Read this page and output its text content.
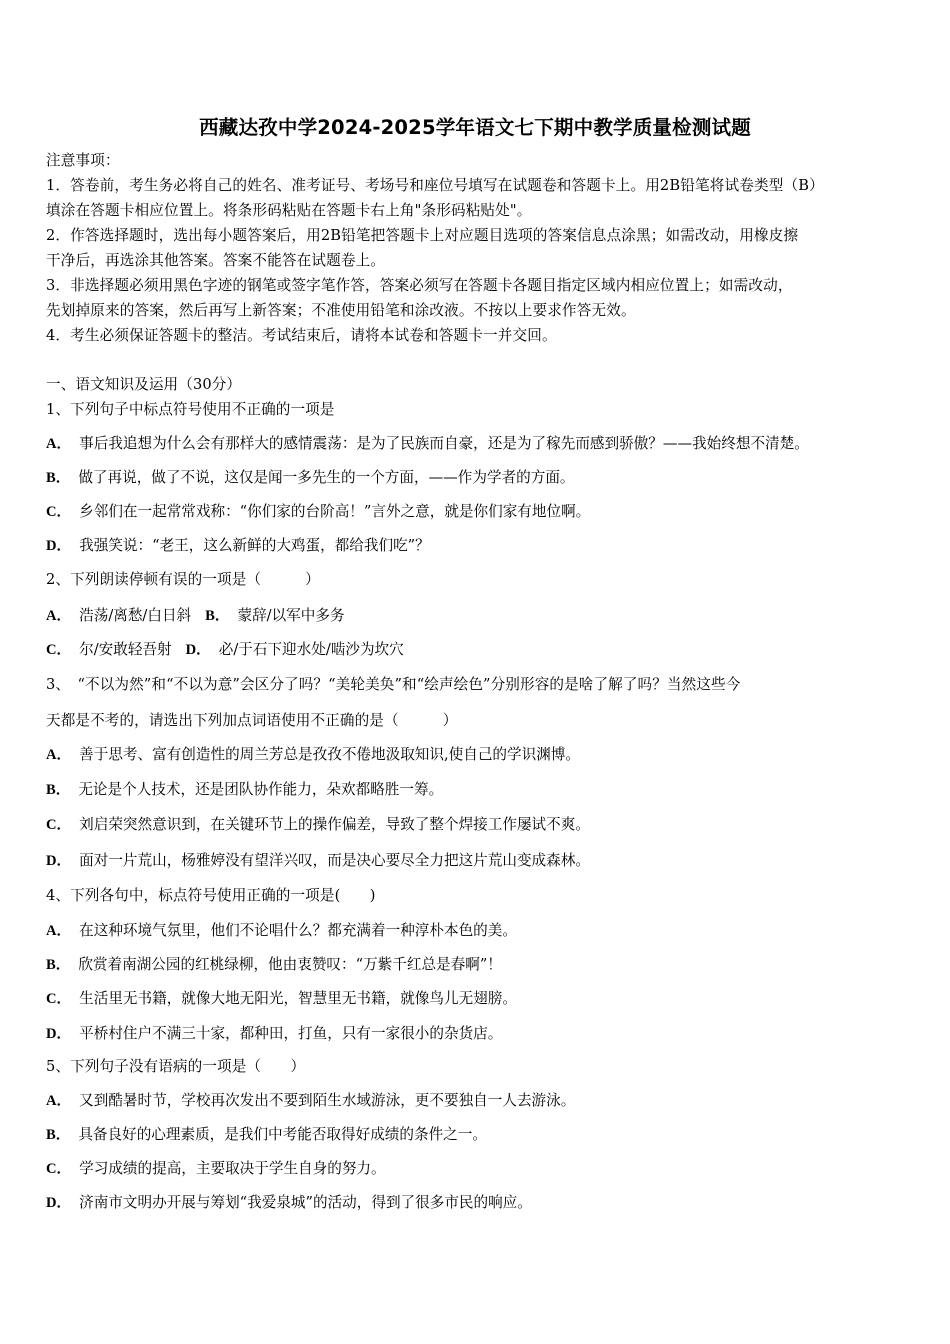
西藏达孜中学2024-2025学年语文七下期中教学质量检测试题
注意事项：
1．答卷前，考生务必将自己的姓名、准考证号、考场号和座位号填写在试题卷和答题卡上。用2B铅笔将试卷类型（B）
填涂在答题卡相应位置上。将条形码粘贴在答题卡右上角"条形码粘贴处"。
2．作答选择题时，选出每小题答案后，用2B铅笔把答题卡上对应题目选项的答案信息点涂黑；如需改动，用橡皮擦
干净后，再选涂其他答案。答案不能答在试题卷上。
3．非选择题必须用黑色字迹的钢笔或签字笔作答，答案必须写在答题卡各题目指定区域内相应位置上；如需改动，
先划掉原来的答案，然后再写上新答案；不准使用铅笔和涂改液。不按以上要求作答无效。
4．考生必须保证答题卡的整洁。考试结束后，请将本试卷和答题卡一并交回。
一、语文知识及运用（30分）
1、下列句子中标点符号使用不正确的一项是
A． 事后我追想为什么会有那样大的感情震荡：是为了民族而自豪，还是为了稼先而感到骄傲？——我始终想不清楚。
B． 做了再说，做了不说，这仅是闻一多先生的一个方面，——作为学者的方面。
C． 乡邻们在一起常常戏称：“你们家的台阶高！”言外之意，就是你们家有地位啊。
D． 我强笑说：“老王，这么新鲜的大鸡蛋，都给我们吃”？
2、下列朗读停顿有误的一项是（　　　）
A． 浩荡/离愁/白日斜 B． 蒙辞/以军中多务
C． 尔/安敢轻吾射 D． 必/于石下迎水处/啮沙为坎穴
3、　“不以为然”和“不以为意”会区分了吗？“美轮美奂”和“绘声绘色”分别形容的是啥了解了吗？当然这些今
天都是不考的，请选出下列加点词语使用不正确的是（　　　）
A． 善于思考、富有创造性的周兰芳总是孜孜不倦地汲取知识,使自己的学识渊博。
B． 无论是个人技术，还是团队协作能力，朵欢都略胜一筹。
C． 刘启荣突然意识到，在关键环节上的操作偏差，导致了整个焊接工作屡试不爽。
D． 面对一片荒山，杨雅婷没有望洋兴叹，而是决心要尽全力把这片荒山变成森林。
4、下列各句中，标点符号使用正确的一项是(　　)
A． 在这种环境气氛里，他们不论唱什么？都充满着一种淳朴本色的美。
B． 欣赏着南湖公园的红桃绿柳，他由衷赞叹：“万紫千红总是春啊”！
C． 生活里无书籍，就像大地无阳光，智慧里无书籍，就像鸟儿无翅膀。
D． 平桥村住户不满三十家，都种田，打鱼，只有一家很小的杂货店。
5、下列句子没有语病的一项是（　　）
A． 又到酷暑时节，学校再次发出不要到陌生水域游泳，更不要独自一人去游泳。
B． 具备良好的心理素质，是我们中考能否取得好成绩的条件之一。
C． 学习成绩的提高，主要取决于学生自身的努力。
D． 济南市文明办开展与筹划“我爱泉城”的活动，得到了很多市民的响应。
